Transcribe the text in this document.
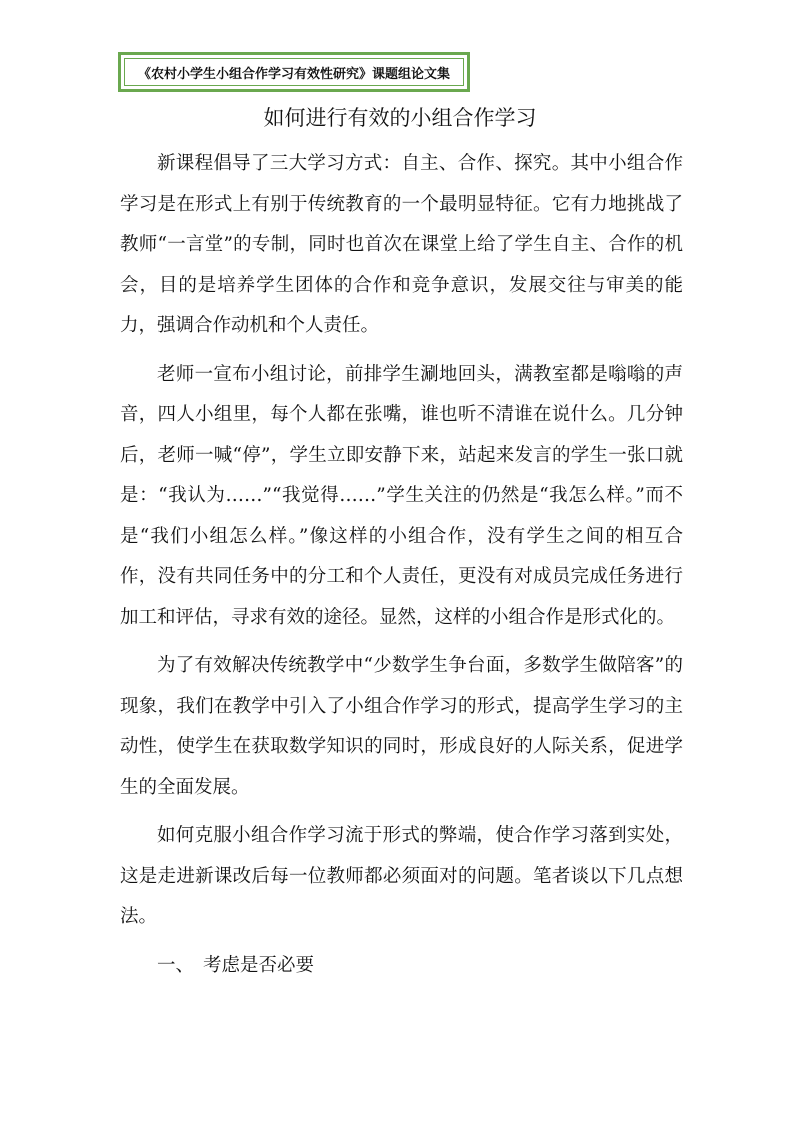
《农村小学生小组合作学习有效性研究》课题组论文集
如何进行有效的小组合作学习

新课程倡导了三大学习方式：自主、合作、探究。其中小组合作学习是在形式上有别于传统教育的一个最明显特征。它有力地挑战了教师“一言堂”的专制，同时也首次在课堂上给了学生自主、合作的机会，目的是培养学生团体的合作和竞争意识，发展交往与审美的能力，强调合作动机和个人责任。

老师一宣布小组讨论，前排学生涮地回头，满教室都是嗡嗡的声音，四人小组里，每个人都在张嘴，谁也听不清谁在说什么。几分钟后，老师一喊“停”，学生立即安静下来，站起来发言的学生一张口就是：“我认为……”“我觉得……”学生关注的仍然是“我怎么样。”而不是“我们小组怎么样。”像这样的小组合作，没有学生之间的相互合作，没有共同任务中的分工和个人责任，更没有对成员完成任务进行加工和评估，寻求有效的途径。显然，这样的小组合作是形式化的。

为了有效解决传统教学中“少数学生争台面，多数学生做陪客”的现象，我们在教学中引入了小组合作学习的形式，提高学生学习的主动性，使学生在获取数学知识的同时，形成良好的人际关系，促进学生的全面发展。

如何克服小组合作学习流于形式的弊端，使合作学习落到实处，这是走进新课改后每一位教师都必须面对的问题。笔者谈以下几点想法。

一、 考虑是否必要
